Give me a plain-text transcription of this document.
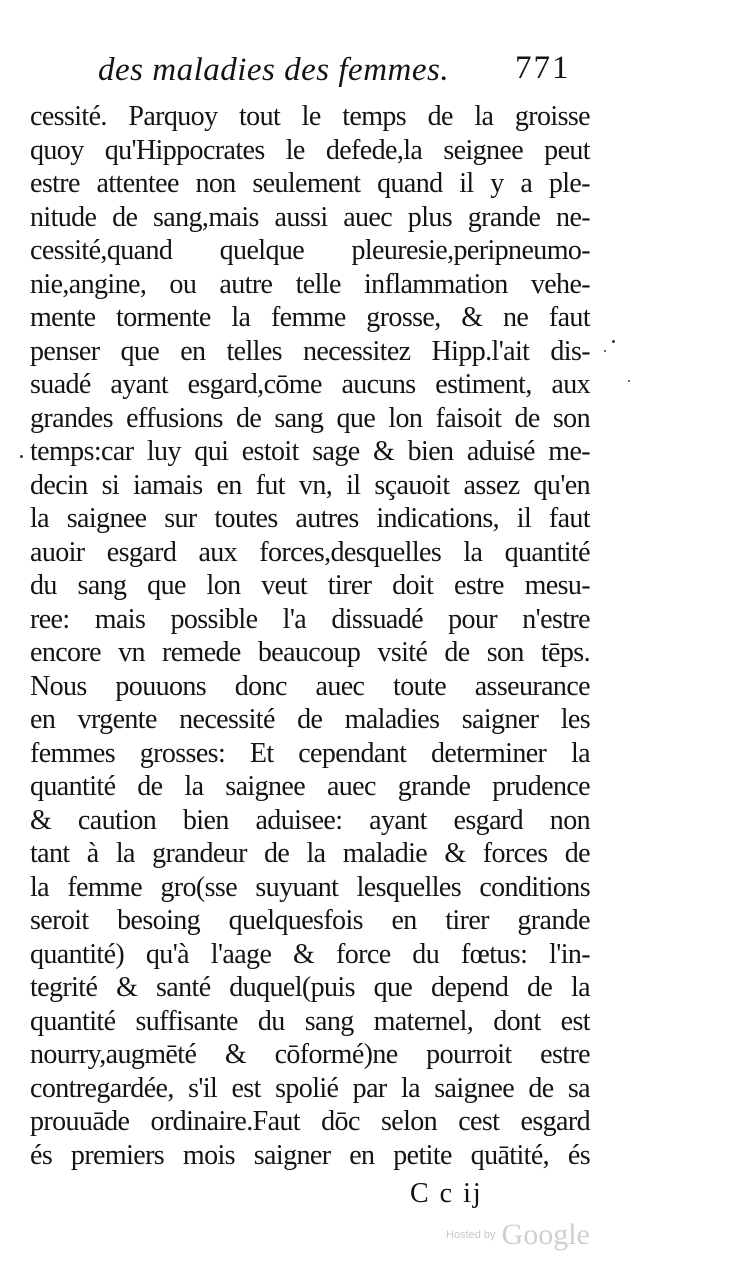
des maladies des femmes. 771
cessité. Parquoy tout le temps de la groisse
quoy qu'Hippocrates le defede,la seignee peut
estre attentee non seulement quand il y a ple-
nitude de sang,mais aussi auec plus grande ne-
cessité,quand quelque pleuresie,peripneumo-
nie,angine, ou autre telle inflammation vehe-
mente tormente la femme grosse, & ne faut
penser que en telles necessitez Hipp.l'ait dis-
suadé ayant esgard,cōme aucuns estiment, aux
grandes effusions de sang que lon faisoit de son
temps:car luy qui estoit sage & bien aduisé me-
decin si iamais en fut vn, il sçauoit assez qu'en
la saignee sur toutes autres indications, il faut
auoir esgard aux forces,desquelles la quantité
du sang que lon veut tirer doit estre mesu-
ree: mais possible l'a dissuadé pour n'estre
encore vn remede beaucoup vsité de son tēps.
Nous pouuons donc auec toute asseurance
en vrgente necessité de maladies saigner les
femmes grosses: Et cependant determiner la
quantité de la saignee auec grande prudence
& caution bien aduisee: ayant esgard non
tant à la grandeur de la maladie & forces de
la femme gro(sse suyuant lesquelles conditions
seroit besoing quelquesfois en tirer grande
quantité) qu'à l'aage & force du fœtus: l'in-
tegrité & santé duquel(puis que depend de la
quantité suffisante du sang maternel, dont est
nourry,augmēté & cōformé)ne pourroit estre
contregardée, s'il est spolié par la saignee de sa
prouuāde ordinaire.Faut dōc selon cest esgard
és premiers mois saigner en petite quātité, és
C c ij
Hosted by Google
